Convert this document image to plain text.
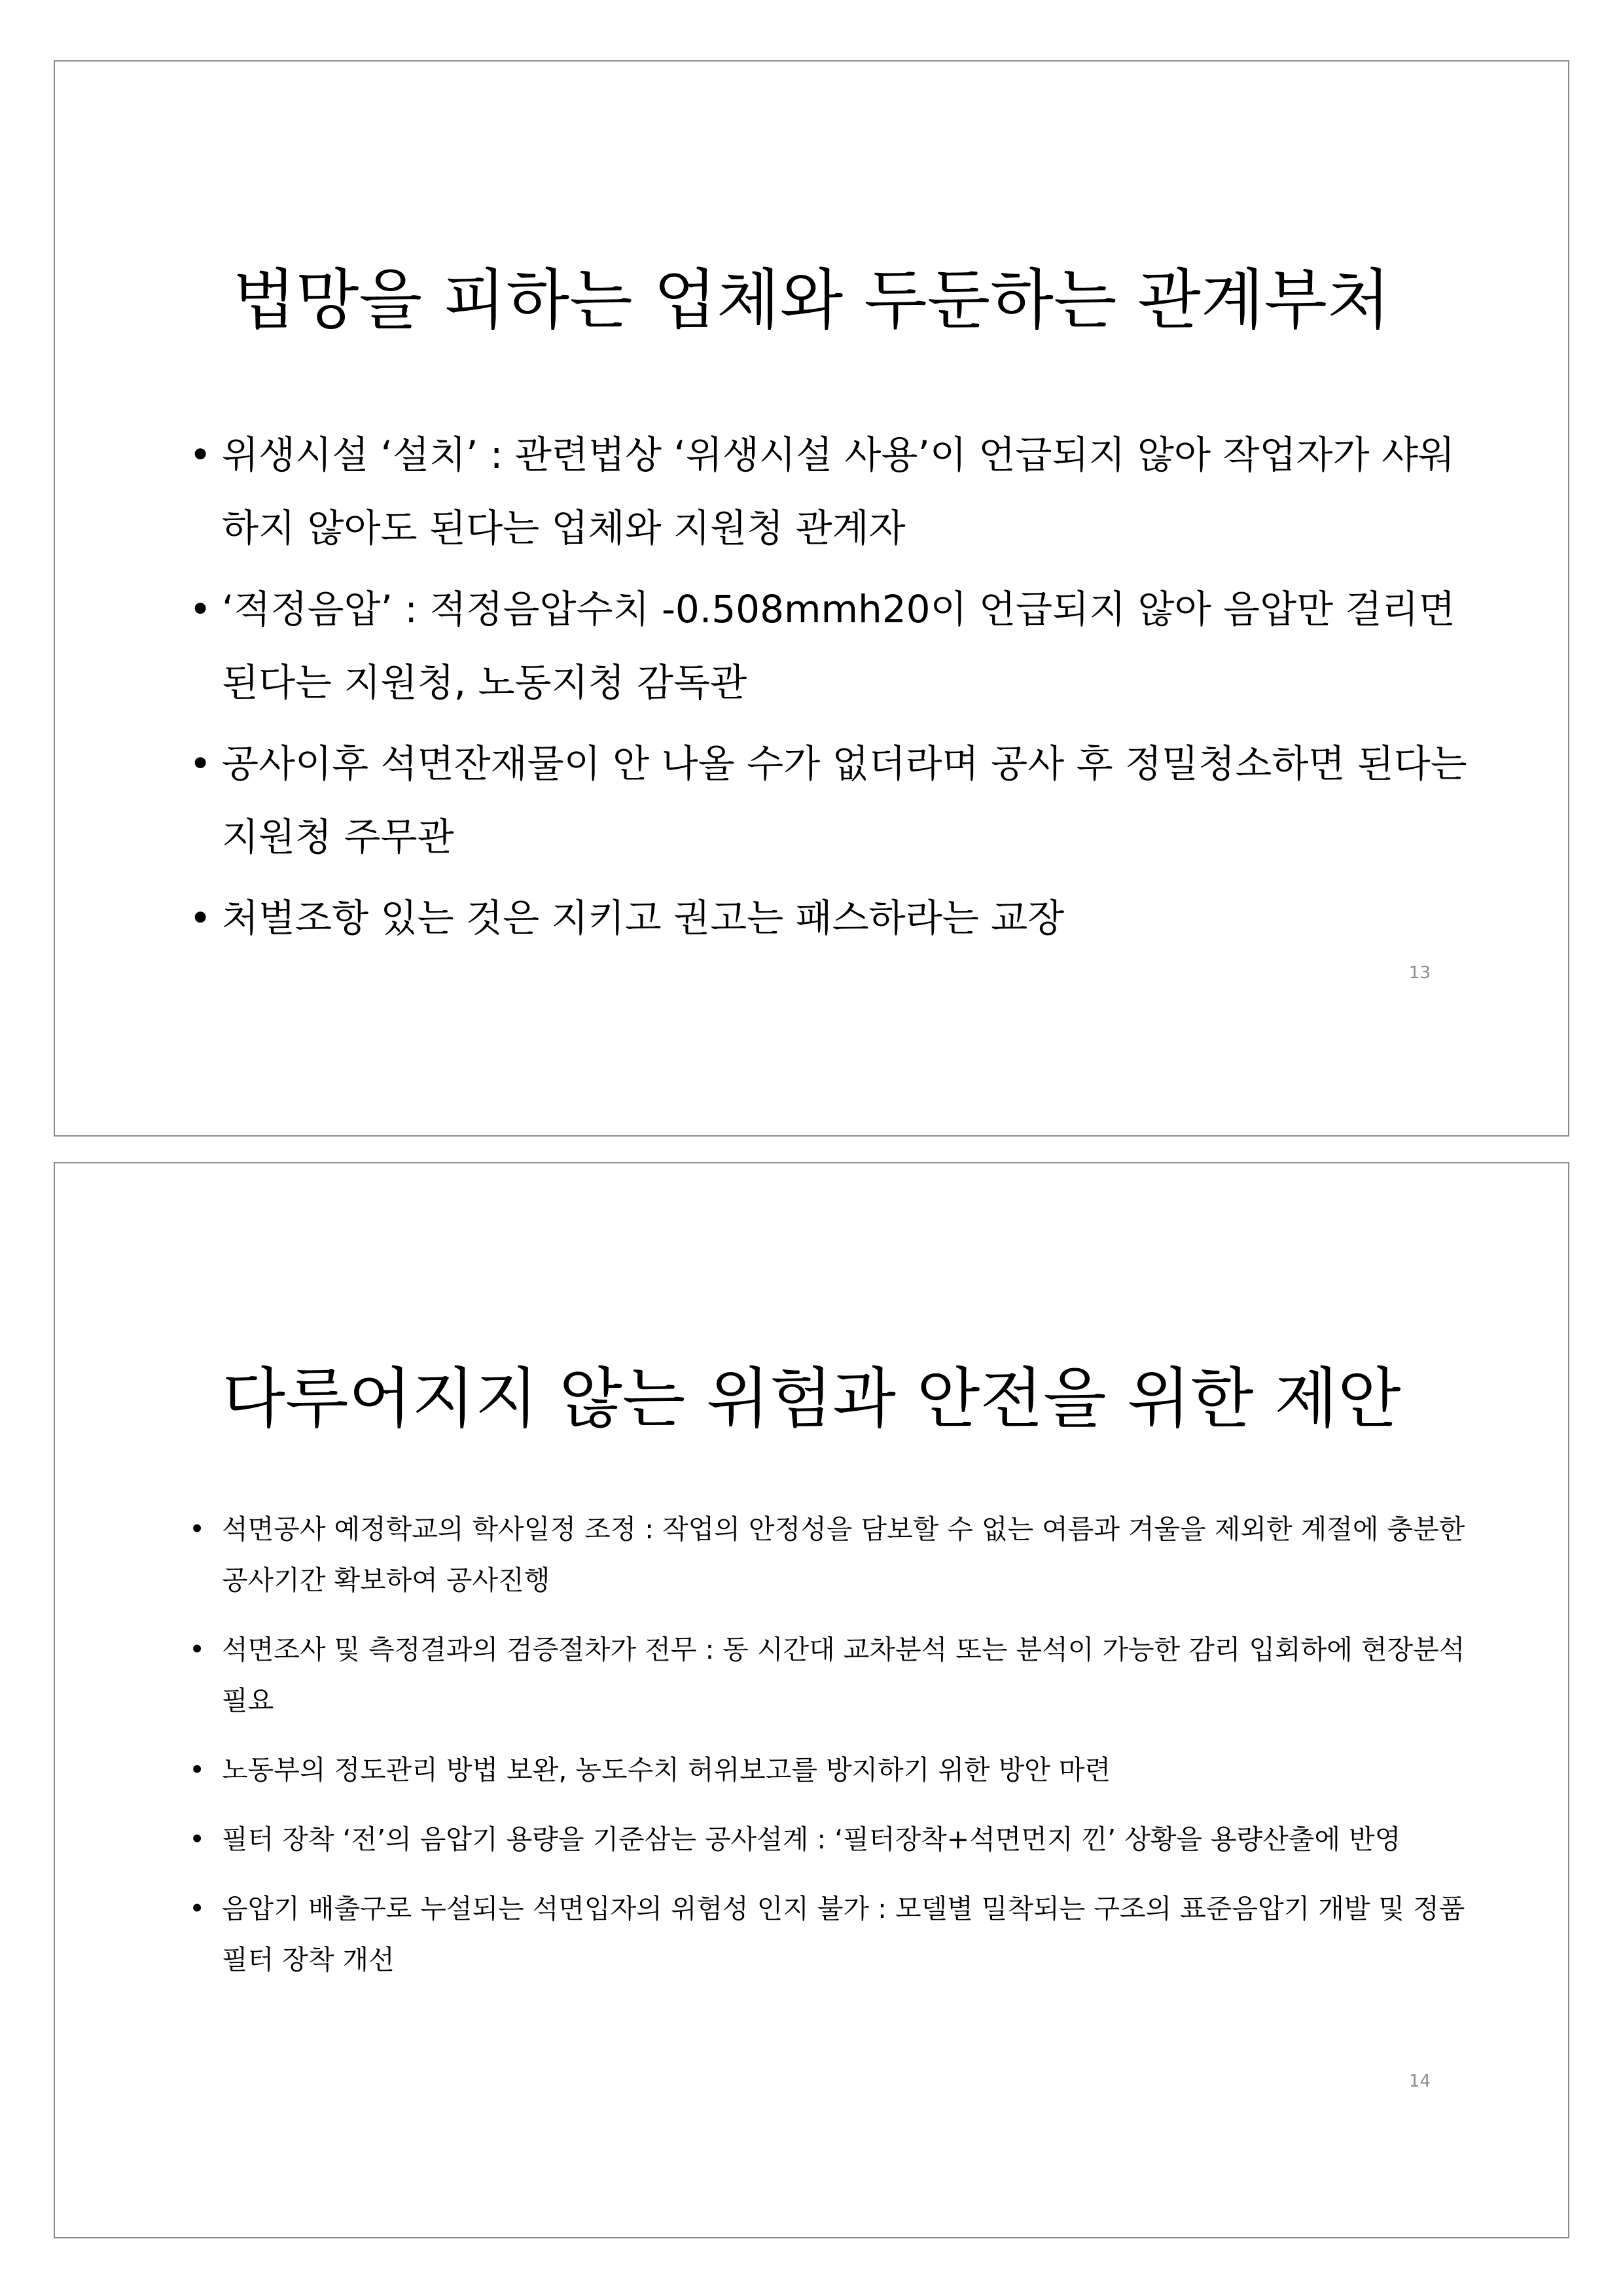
법망을 피하는 업체와 두둔하는 관계부처
• 위생시설 ‘설치’ : 관련법상 ‘위생시설 사용’이 언급되지 않아 작업자가 샤워하지 않아도 된다는 업체와 지원청 관계자
• ‘적정음압’ : 적정음압수치 -0.508mmh20이 언급되지 않아 음압만 걸리면 된다는 지원청, 노동지청 감독관
• 공사이후 석면잔재물이 안 나올 수가 없더라며 공사 후 정밀청소하면 된다는 지원청 주무관
• 처벌조항 있는 것은 지키고 권고는 패스하라는 교장
13
다루어지지 않는 위험과 안전을 위한 제안
• 석면공사 예정학교의 학사일정 조정 : 작업의 안정성을 담보할 수 없는 여름과 겨울을 제외한 계절에 충분한 공사기간 확보하여 공사진행
• 석면조사 및 측정결과의 검증절차가 전무 : 동 시간대 교차분석 또는 분석이 가능한 감리 입회하에 현장분석 필요
• 노동부의 정도관리 방법 보완, 농도수치 허위보고를 방지하기 위한 방안 마련
• 필터 장착 ‘전’의 음압기 용량을 기준삼는 공사설계 : ‘필터장착+석면먼지 낀’ 상황을 용량산출에 반영
• 음압기 배출구로 누설되는 석면입자의 위험성 인지 불가 : 모델별 밀착되는 구조의 표준음압기 개발 및 정품필터 장착 개선
14
